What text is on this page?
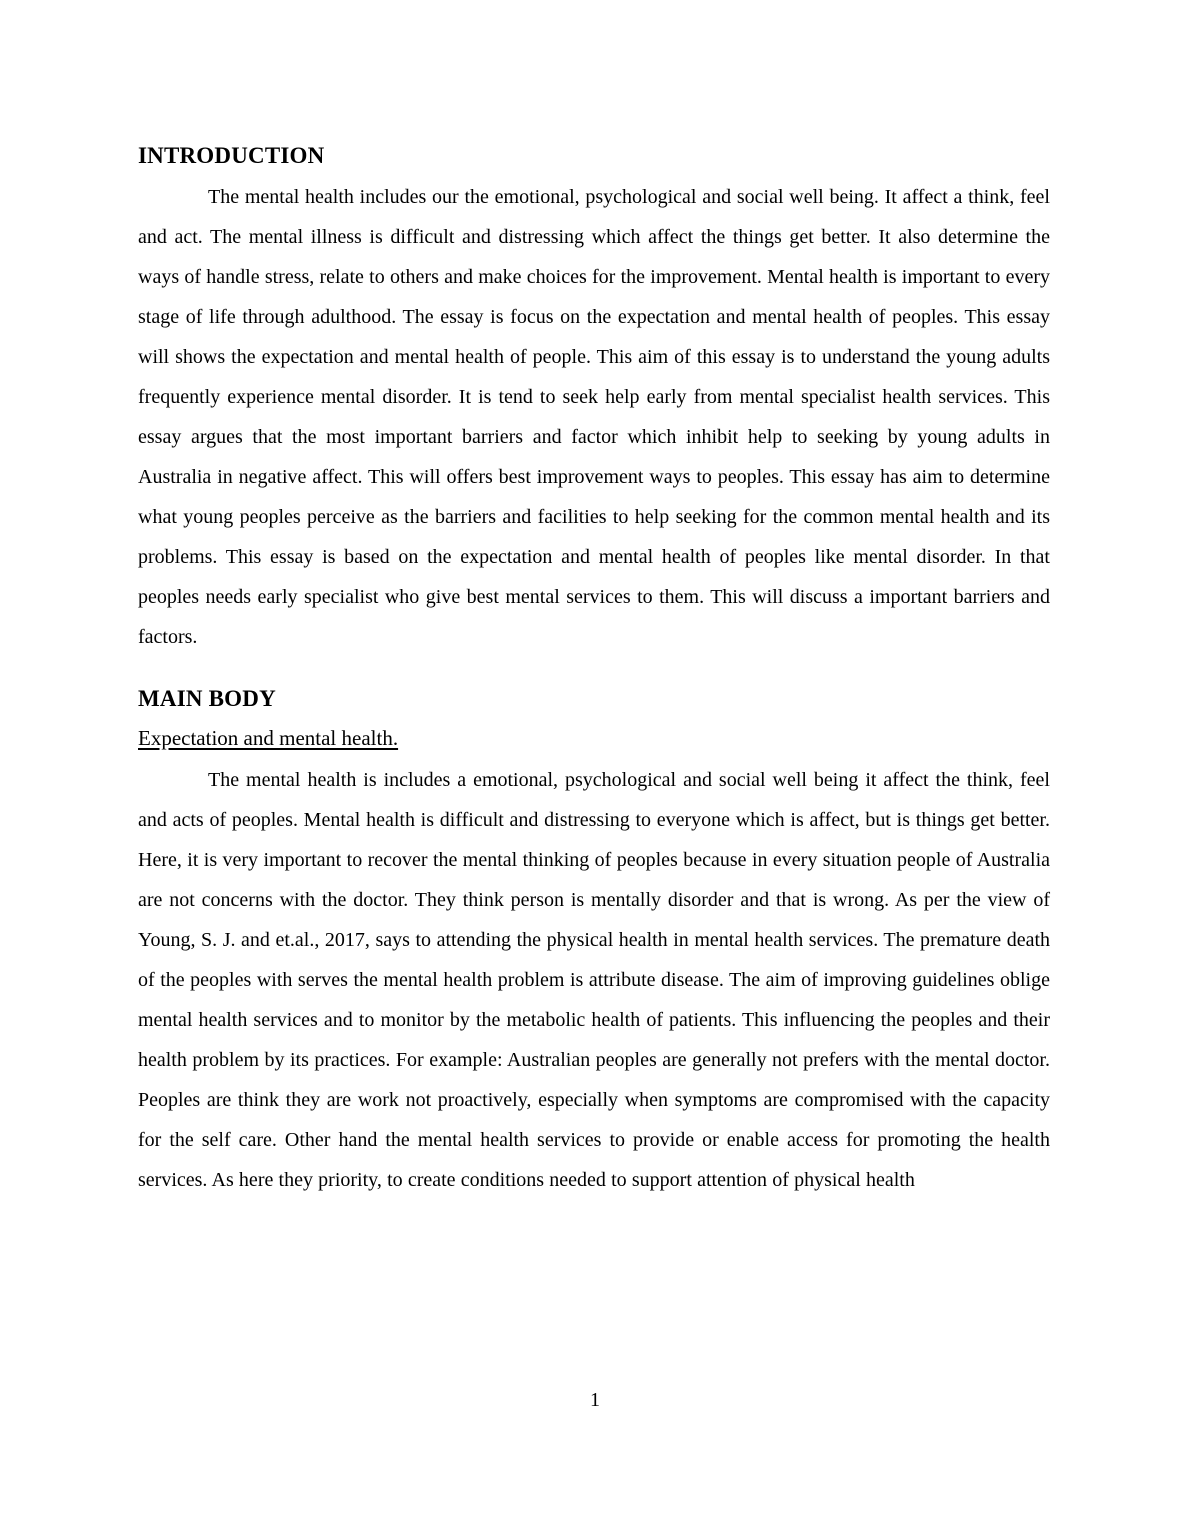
INTRODUCTION

The mental health includes our the emotional, psychological and social well being. It affect a think, feel and act. The mental illness is difficult and distressing which affect the things get better. It also determine the ways of handle stress, relate to others and make choices for the improvement. Mental health is important to every stage of life through adulthood. The essay is focus on the expectation and mental health of peoples. This essay will shows the expectation and mental health of people. This aim of this essay is to understand the young adults frequently experience mental disorder. It is tend to seek help early from mental specialist health services. This essay argues that the most important barriers and factor which inhibit help to seeking by young adults in Australia in negative affect. This will offers best improvement ways to peoples. This essay has aim to determine what young peoples perceive as the barriers and facilities to help seeking for the common mental health and its problems. This essay is based on the expectation and mental health of peoples like mental disorder. In that peoples needs early specialist who give best mental services to them. This will discuss a important barriers and factors.

MAIN BODY
Expectation and mental health.

The mental health is includes a emotional, psychological and social well being it affect the think, feel and acts of peoples. Mental health is difficult and distressing to everyone which is affect, but is things get better. Here, it is very important to recover the mental thinking of peoples because in every situation people of Australia are not concerns with the doctor. They think person is mentally disorder and that is wrong. As per the view of Young, S. J. and et.al., 2017, says to attending the physical health in mental health services. The premature death of the peoples with serves the mental health problem is attribute disease. The aim of improving guidelines oblige mental health services and to monitor by the metabolic health of patients. This influencing the peoples and their health problem by its practices. For example: Australian peoples are generally not prefers with the mental doctor. Peoples are think they are work not proactively, especially when symptoms are compromised with the capacity for the self care. Other hand the mental health services to provide or enable access for promoting the health services. As here they priority, to create conditions needed to support attention of physical health

1
